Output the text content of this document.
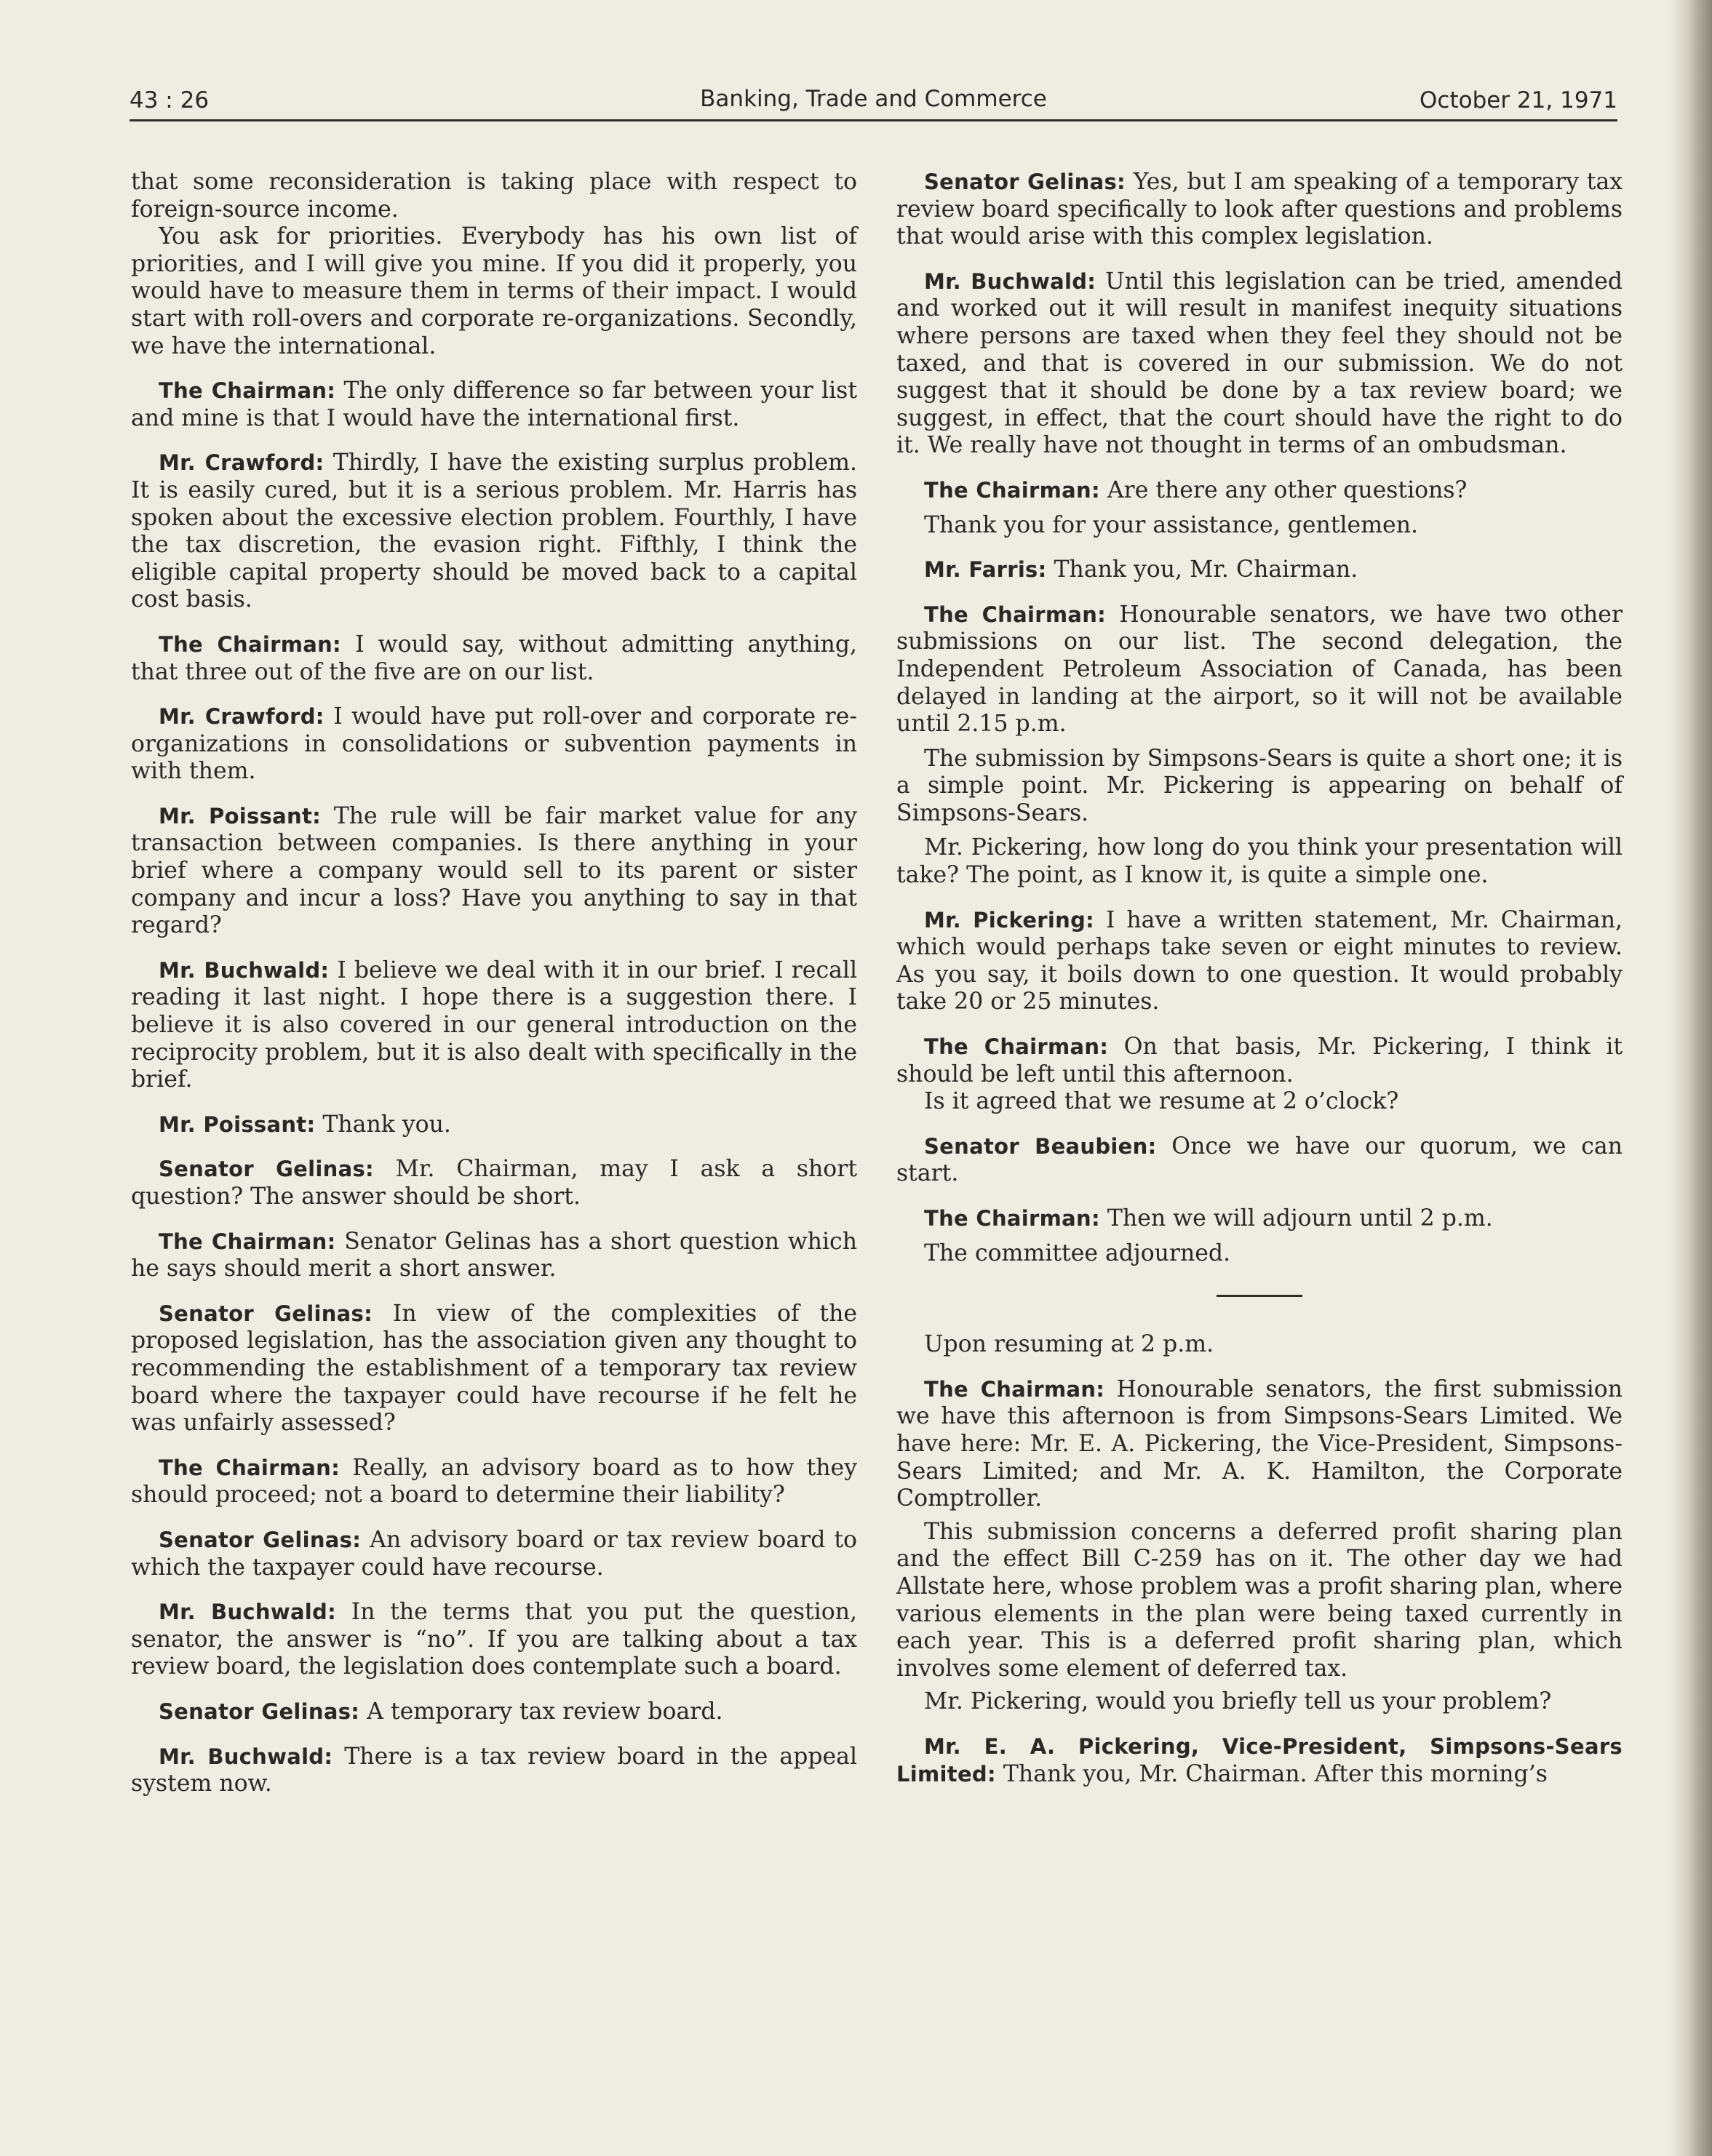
43 : 26	Banking, Trade and Commerce	October 21, 1971

that some reconsideration is taking place with respect to foreign-source income.

You ask for priorities. Everybody has his own list of priorities, and I will give you mine. If you did it properly, you would have to measure them in terms of their impact. I would start with roll-overs and corporate re-organizations. Secondly, we have the international.

The Chairman: The only difference so far between your list and mine is that I would have the international first.

Mr. Crawford: Thirdly, I have the existing surplus problem. It is easily cured, but it is a serious problem. Mr. Harris has spoken about the excessive election problem. Fourthly, I have the tax discretion, the evasion right. Fifthly, I think the eligible capital property should be moved back to a capital cost basis.

The Chairman: I would say, without admitting anything, that three out of the five are on our list.

Mr. Crawford: I would have put roll-over and corporate re-organizations in consolidations or subvention payments in with them.

Mr. Poissant: The rule will be fair market value for any transaction between companies. Is there anything in your brief where a company would sell to its parent or sister company and incur a loss? Have you anything to say in that regard?

Mr. Buchwald: I believe we deal with it in our brief. I recall reading it last night. I hope there is a suggestion there. I believe it is also covered in our general introduction on the reciprocity problem, but it is also dealt with specifically in the brief.

Mr. Poissant: Thank you.

Senator Gelinas: Mr. Chairman, may I ask a short question? The answer should be short.

The Chairman: Senator Gelinas has a short question which he says should merit a short answer.

Senator Gelinas: In view of the complexities of the proposed legislation, has the association given any thought to recommending the establishment of a temporary tax review board where the taxpayer could have recourse if he felt he was unfairly assessed?

The Chairman: Really, an advisory board as to how they should proceed; not a board to determine their liability?

Senator Gelinas: An advisory board or tax review board to which the taxpayer could have recourse.

Mr. Buchwald: In the terms that you put the question, senator, the answer is “no”. If you are talking about a tax review board, the legislation does contemplate such a board.

Senator Gelinas: A temporary tax review board.

Mr. Buchwald: There is a tax review board in the appeal system now.

Senator Gelinas: Yes, but I am speaking of a temporary tax review board specifically to look after questions and problems that would arise with this complex legislation.

Mr. Buchwald: Until this legislation can be tried, amended and worked out it will result in manifest inequity situations where persons are taxed when they feel they should not be taxed, and that is covered in our submission. We do not suggest that it should be done by a tax review board; we suggest, in effect, that the court should have the right to do it. We really have not thought in terms of an ombudsman.

The Chairman: Are there any other questions?

Thank you for your assistance, gentlemen.

Mr. Farris: Thank you, Mr. Chairman.

The Chairman: Honourable senators, we have two other submissions on our list. The second delegation, the Independent Petroleum Association of Canada, has been delayed in landing at the airport, so it will not be available until 2.15 p.m.

The submission by Simpsons-Sears is quite a short one; it is a simple point. Mr. Pickering is appearing on behalf of Simpsons-Sears.

Mr. Pickering, how long do you think your presentation will take? The point, as I know it, is quite a simple one.

Mr. Pickering: I have a written statement, Mr. Chairman, which would perhaps take seven or eight minutes to review. As you say, it boils down to one question. It would probably take 20 or 25 minutes.

The Chairman: On that basis, Mr. Pickering, I think it should be left until this afternoon.

Is it agreed that we resume at 2 o’clock?

Senator Beaubien: Once we have our quorum, we can start.

The Chairman: Then we will adjourn until 2 p.m.

The committee adjourned.

Upon resuming at 2 p.m.

The Chairman: Honourable senators, the first submission we have this afternoon is from Simpsons-Sears Limited. We have here: Mr. E. A. Pickering, the Vice-President, Simpsons-Sears Limited; and Mr. A. K. Hamilton, the Corporate Comptroller.

This submission concerns a deferred profit sharing plan and the effect Bill C-259 has on it. The other day we had Allstate here, whose problem was a profit sharing plan, where various elements in the plan were being taxed currently in each year. This is a deferred profit sharing plan, which involves some element of deferred tax.

Mr. Pickering, would you briefly tell us your problem?

Mr. E. A. Pickering, Vice-President, Simpsons-Sears Limited: Thank you, Mr. Chairman. After this morning’s
